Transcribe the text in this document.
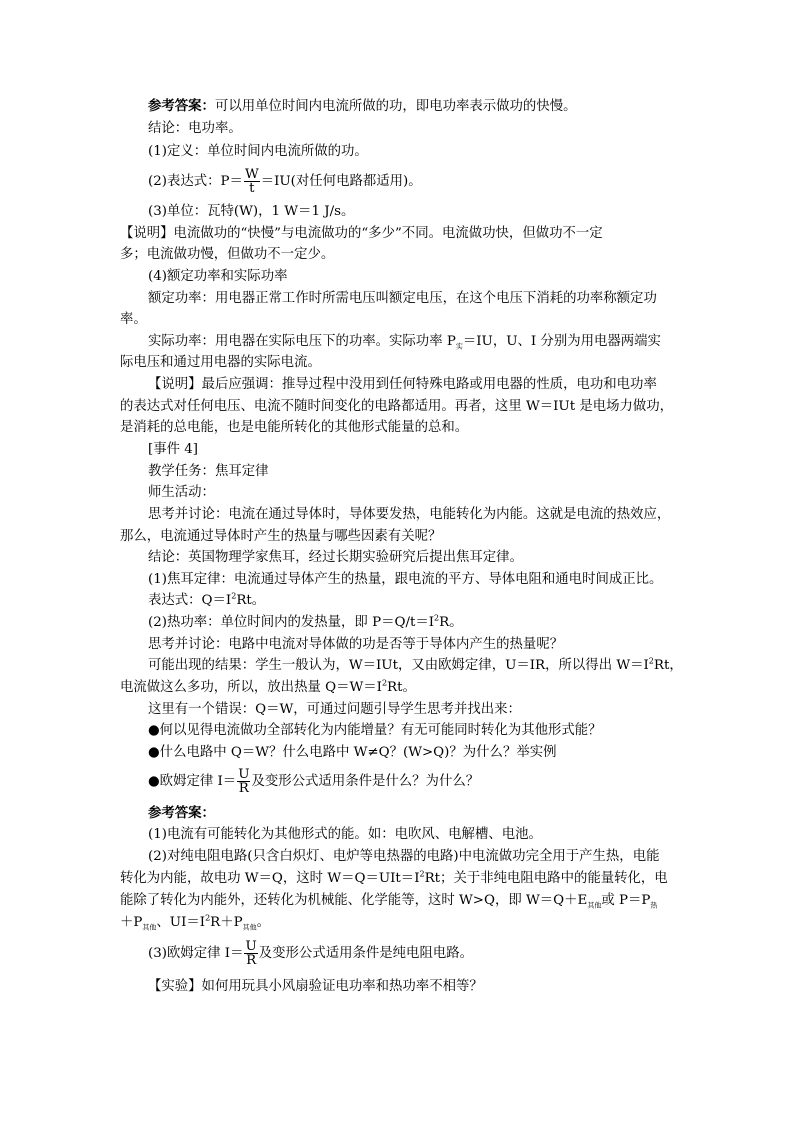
参考答案：可以用单位时间内电流所做的功，即电功率表示做功的快慢。
结论：电功率。
(1)定义：单位时间内电流所做的功。
(2)表达式：$P= \frac{W}{t} =IU$(对任何电路都适用)。
(3)单位：瓦特(W)，1 W＝1 J/s。
【说明】电流做功的“快慢”与电流做功的“多少”不同。电流做功快，但做功不一定
多；电流做功慢，但做功不一定少。
(4)额定功率和实际功率
额定功率：用电器正常工作时所需电压叫额定电压，在这个电压下消耗的功率称额定功
率。
实际功率：用电器在实际电压下的功率。实际功率 $P_实=IU$，U、I 分别为用电器两端实
际电压和通过用电器的实际电流。
【说明】最后应强调：推导过程中没用到任何特殊电路或用电器的性质，电功和电功率
的表达式对任何电压、电流不随时间变化的电路都适用。再者，这里 W＝IUt 是电场力做功，
是消耗的总电能，也是电能所转化的其他形式能量的总和。
[事件 4]
教学任务：焦耳定律
师生活动：
思考并讨论：电流在通过导体时，导体要发热，电能转化为内能。这就是电流的热效应，
那么，电流通过导体时产生的热量与哪些因素有关呢？
结论：英国物理学家焦耳，经过长期实验研究后提出焦耳定律。
(1)焦耳定律：电流通过导体产生的热量，跟电流的平方、导体电阻和通电时间成正比。
表达式：$Q=I^2Rt$。
(2)热功率：单位时间内的发热量，即 $P=Q/t=I^2R$。
思考并讨论：电路中电流对导体做的功是否等于导体内产生的热量呢？
可能出现的结果：学生一般认为，W＝IUt，又由欧姆定律，U＝IR，所以得出 $W=I^2Rt$，
电流做这么多功，所以，放出热量 $Q=W=I^2Rt$。
这里有一个错误：Q＝W，可通过问题引导学生思考并找出来：
●何以见得电流做功全部转化为内能增量？有无可能同时转化为其他形式能？
●什么电路中 Q＝W？什么电路中 W≠Q？(W>Q)？为什么？举实例
●欧姆定律 $I= \frac{U}{R}$ 及变形公式适用条件是什么？为什么？
参考答案：
(1)电流有可能转化为其他形式的能。如：电吹风、电解槽、电池。
(2)对纯电阻电路(只含白炽灯、电炉等电热器的电路)中电流做功完全用于产生热，电能
转化为内能，故电功 W＝Q，这时 $W=Q=UIt=I^2Rt$；关于非纯电阻电路中的能量转化，电
能除了转化为内能外，还转化为机械能、化学能等，这时 W>Q，即 $W=Q+E_{其他}$或 $P=P_热$
$+P_{其他}$、$UI=I^2R+P_{其他}$。
(3)欧姆定律 $I= \frac{U}{R}$ 及变形公式适用条件是纯电阻电路。
【实验】如何用玩具小风扇验证电功率和热功率不相等？
